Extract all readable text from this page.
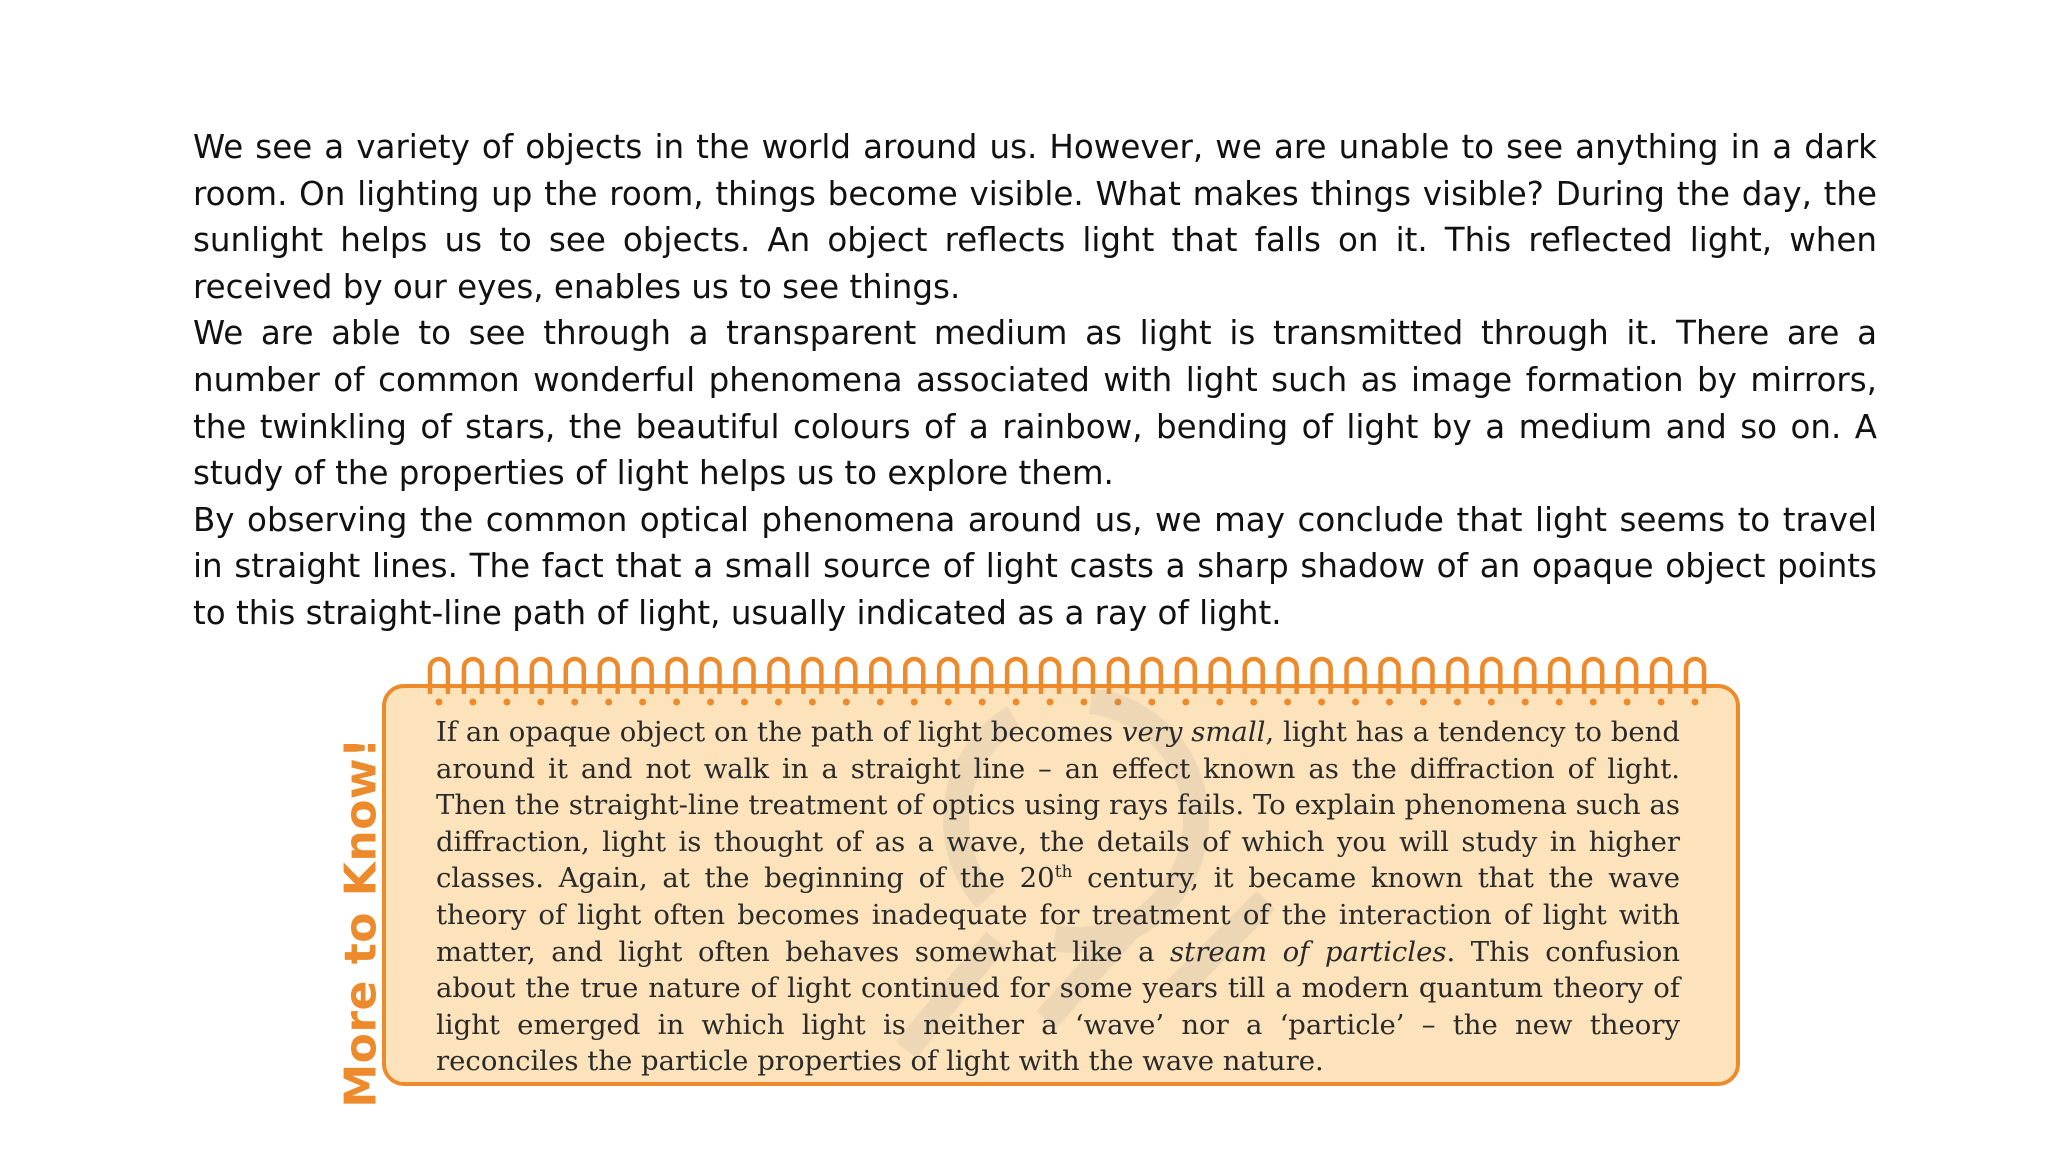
We see a variety of objects in the world around us. However, we are unable to see anything in a dark room. On lighting up the room, things become visible. What makes things visible? During the day, the sunlight helps us to see objects. An object reflects light that falls on it. This reflected light, when received by our eyes, enables us to see things.

We are able to see through a transparent medium as light is transmitted through it. There are a number of common wonderful phenomena associated with light such as image formation by mirrors, the twinkling of stars, the beautiful colours of a rainbow, bending of light by a medium and so on. A study of the properties of light helps us to explore them.

By observing the common optical phenomena around us, we may conclude that light seems to travel in straight lines. The fact that a small source of light casts a sharp shadow of an opaque object points to this straight-line path of light, usually indicated as a ray of light.

More to Know!

If an opaque object on the path of light becomes very small, light has a tendency to bend around it and not walk in a straight line – an effect known as the diffraction of light. Then the straight-line treatment of optics using rays fails. To explain phenomena such as diffraction, light is thought of as a wave, the details of which you will study in higher classes. Again, at the beginning of the 20th century, it became known that the wave theory of light often becomes inadequate for treatment of the interaction of light with matter, and light often behaves somewhat like a stream of particles. This confusion about the true nature of light continued for some years till a modern quantum theory of light emerged in which light is neither a ‘wave’ nor a ‘particle’ – the new theory reconciles the particle properties of light with the wave nature.
